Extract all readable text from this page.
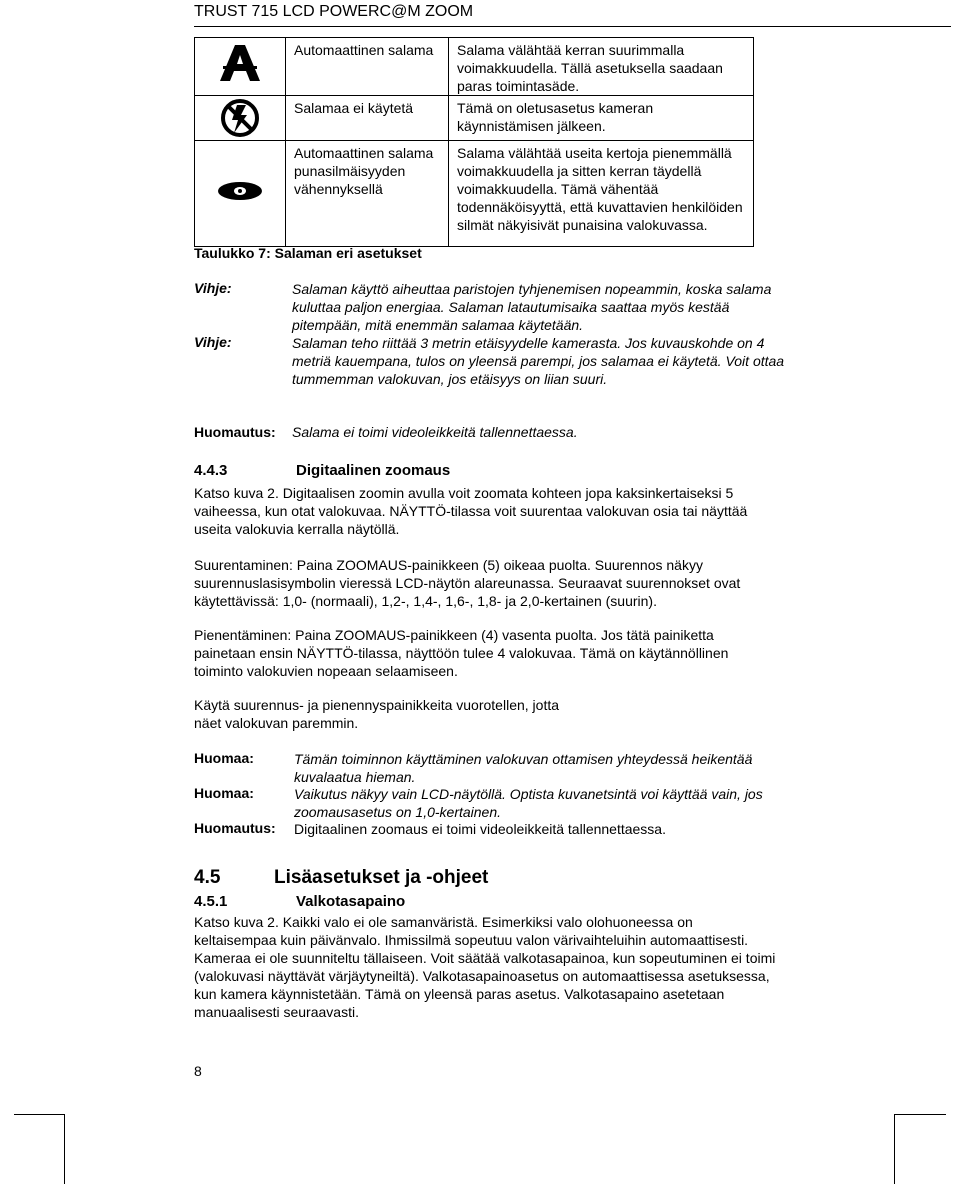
TRUST 715 LCD POWERC@M ZOOM
	Automaattinen salama	Salama välähtää kerran suurimmalla voimakkuudella. Tällä asetuksella saadaan paras toimintasäde.

	Salamaa ei käytetä	Tämä on oletusasetus kameran käynnistämisen jälkeen.

	Automaattinen salama punasilmäisyyden vähennyksellä	Salama välähtää useita kertoja pienemmällä voimakkuudella ja sitten kerran täydellä voimakkuudella. Tämä vähentää todennäköisyyttä, että kuvattavien henkilöiden silmät näkyisivät punaisina valokuvassa.
Taulukko 7: Salaman eri asetukset
Vihje:	Salaman käyttö aiheuttaa paristojen tyhjenemisen nopeammin, koska salama kuluttaa paljon energiaa. Salaman latautumisaika saattaa myös kestää pitempään, mitä enemmän salamaa käytetään.
Vihje:	Salaman teho riittää 3 metrin etäisyydelle kamerasta. Jos kuvauskohde on 4 metriä kauempana, tulos on yleensä parempi, jos salamaa ei käytetä. Voit ottaa tummemman valokuvan, jos etäisyys on liian suuri.
Huomautus: Salama ei toimi videoleikkeitä tallennettaessa.
4.4.3	Digitaalinen zoomaus
Katso kuva 2. Digitaalisen zoomin avulla voit zoomata kohteen jopa kaksinkertaiseksi 5 vaiheessa, kun otat valokuvaa. NÄYTTÖ-tilassa voit suurentaa valokuvan osia tai näyttää useita valokuvia kerralla näytöllä.
Suurentaminen: Paina ZOOMAUS-painikkeen (5) oikeaa puolta. Suurennos näkyy suurennuslasisymbolin vieressä LCD-näytön alareunassa. Seuraavat suurennokset ovat käytettävissä: 1,0- (normaali), 1,2-, 1,4-, 1,6-, 1,8- ja 2,0-kertainen (suurin).
Pienentäminen: Paina ZOOMAUS-painikkeen (4) vasenta puolta. Jos tätä painiketta painetaan ensin NÄYTTÖ-tilassa, näyttöön tulee 4 valokuvaa. Tämä on käytännöllinen toiminto valokuvien nopeaan selaamiseen.
Käytä suurennus- ja pienennyspainikkeita vuorotellen, jotta näet valokuvan paremmin.
Huomaa:	Tämän toiminnon käyttäminen valokuvan ottamisen yhteydessä heikentää kuvalaatua hieman.
Huomaa:	Vaikutus näkyy vain LCD-näytöllä. Optista kuvanetsintä voi käyttää vain, jos zoomausasetus on 1,0-kertainen.
Huomautus: Digitaalinen zoomaus ei toimi videoleikkeitä tallennettaessa.
4.5	Lisäasetukset ja -ohjeet
4.5.1	Valkotasapaino
Katso kuva 2. Kaikki valo ei ole samanväristä. Esimerkiksi valo olohuoneessa on keltaisempaa kuin päivänvalo. Ihmissilmä sopeutuu valon värivaihteluihin automaattisesti. Kameraa ei ole suunniteltu tällaiseen. Voit säätää valkotasapainoa, kun sopeutuminen ei toimi (valokuvasi näyttävät värjäytyneiltä). Valkotasapainoasetus on automaattisessa asetuksessa, kun kamera käynnistetään. Tämä on yleensä paras asetus. Valkotasapaino asetetaan manuaalisesti seuraavasti.
8
